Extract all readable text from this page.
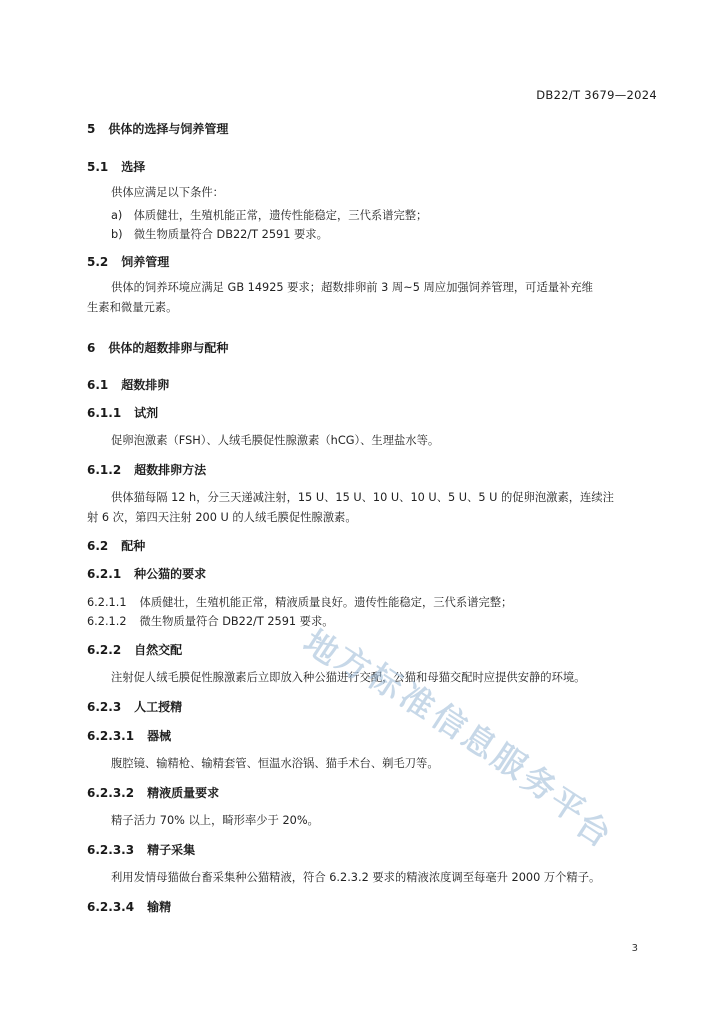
DB22/T 3679—2024
5 供体的选择与饲养管理
5.1 选择
供体应满足以下条件：
a)　体质健壮，生殖机能正常，遗传性能稳定，三代系谱完整；
b)　微生物质量符合 DB22/T 2591 要求。
5.2 饲养管理
供体的饲养环境应满足 GB 14925 要求；超数排卵前 3 周~5 周应加强饲养管理，可适量补充维
生素和微量元素。
6 供体的超数排卵与配种
6.1 超数排卵
6.1.1 试剂
促卵泡激素（FSH）、人绒毛膜促性腺激素（hCG）、生理盐水等。
6.1.2 超数排卵方法
供体猫每隔 12 h，分三天递减注射，15 U、15 U、10 U、10 U、5 U、5 U 的促卵泡激素，连续注
射 6 次，第四天注射 200 U 的人绒毛膜促性腺激素。
6.2 配种
6.2.1 种公猫的要求
6.2.1.1 体质健壮，生殖机能正常，精液质量良好。遗传性能稳定，三代系谱完整；
6.2.1.2 微生物质量符合 DB22/T 2591 要求。
6.2.2 自然交配
注射促人绒毛膜促性腺激素后立即放入种公猫进行交配，公猫和母猫交配时应提供安静的环境。
6.2.3 人工授精
6.2.3.1 器械
腹腔镜、输精枪、输精套管、恒温水浴锅、猫手术台、剃毛刀等。
6.2.3.2 精液质量要求
精子活力 70% 以上，畸形率少于 20%。
6.2.3.3 精子采集
利用发情母猫做台畜采集种公猫精液，符合 6.2.3.2 要求的精液浓度调至每毫升 2000 万个精子。
6.2.3.4 输精
地
方
标
准
信
息
服
务
平
台
3
